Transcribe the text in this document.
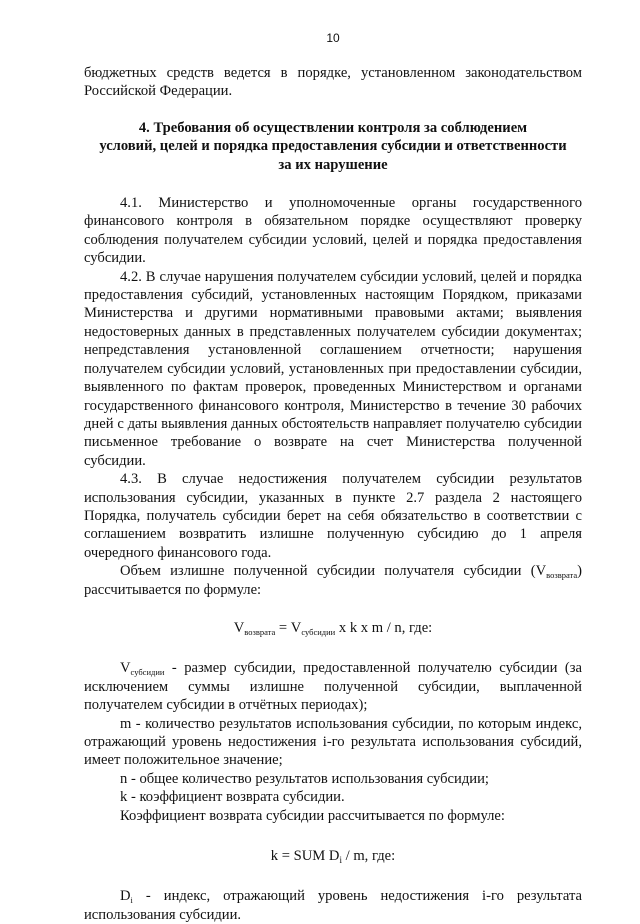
10

бюджетных средств ведется в порядке, установленном законодательством Российской Федерации.

4. Требования об осуществлении контроля за соблюдением
условий, целей и порядка предоставления субсидии и ответственности
за их нарушение

4.1. Министерство и уполномоченные органы государственного финансового контроля в обязательном порядке осуществляют проверку соблюдения получателем субсидии условий, целей и порядка предоставления субсидии.

4.2. В случае нарушения получателем субсидии условий, целей и порядка предоставления субсидий, установленных настоящим Порядком, приказами Министерства и другими нормативными правовыми актами; выявления недостоверных данных в представленных получателем субсидии документах; непредставления установленной соглашением отчетности; нарушения получателем субсидии условий, установленных при предоставлении субсидии, выявленного по фактам проверок, проведенных Министерством и органами государственного финансового контроля, Министерство в течение 30 рабочих дней с даты выявления данных обстоятельств направляет получателю субсидии письменное требование о возврате на счет Министерства полученной субсидии.

4.3. В случае недостижения получателем субсидии результатов использования субсидии, указанных в пункте 2.7 раздела 2 настоящего Порядка, получатель субсидии берет на себя обязательство в соответствии с соглашением возвратить излишне полученную субсидию до 1 апреля очередного финансового года.

Объем излишне полученной субсидии получателя субсидии $(V_{возврата})$ рассчитывается по формуле:

$V_{возврата} = V_{субсидии}$ x k x m / n, где:

$V_{субсидии}$ - размер субсидии, предоставленной получателю субсидии (за исключением суммы излишне полученной субсидии, выплаченной получателем субсидии в отчётных периодах);

m - количество результатов использования субсидии, по которым индекс, отражающий уровень недостижения i-го результата использования субсидий, имеет положительное значение;

n - общее количество результатов использования субсидии;

k - коэффициент возврата субсидии.

Коэффициент возврата субсидии рассчитывается по формуле:

k = SUM $D_i$ / m, где:

$D_i$ - индекс, отражающий уровень недостижения i-го результата использования субсидии.
